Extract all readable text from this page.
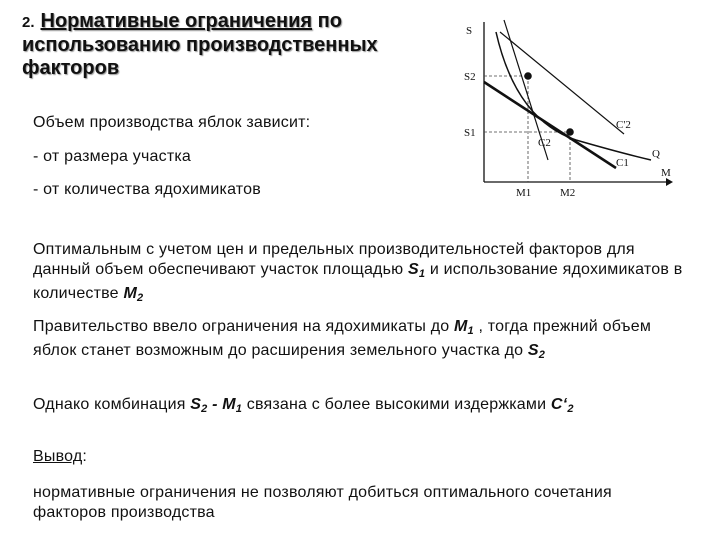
2. Нормативные ограничения по использованию производственных факторов
Объем производства яблок зависит:
- от размера участка
- от количества ядохимикатов
Оптимальным с учетом цен и предельных производительностей факторов для данный объем обеспечивают участок площадью $S_1$ и использование ядохимикатов в количестве $M_2$
Правительство ввело ограничения на ядохимикаты до $M_1$ , тогда прежний объем яблок станет возможным до расширения земельного участка до $S_2$
Однако комбинация $S_2 - M_1$ связана с более высокими издержками $C‘_2$
Вывод:
нормативные ограничения не позволяют добиться оптимального сочетания факторов производства
S
M
S2
S1
M1	M2
C2
C'2
C1
Q
